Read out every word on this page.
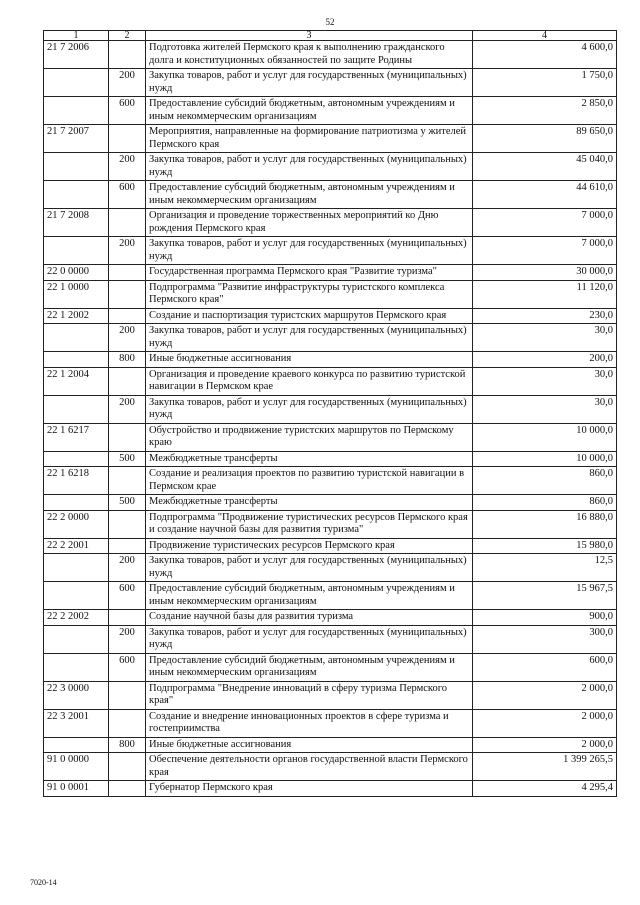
52
1	2	3	4
21 7 2006		Подготовка жителей Пермского края к выполнению гражданского долга и конституционных обязанностей по защите Родины	4 600,0
	200	Закупка товаров, работ и услуг для государственных (муниципальных) нужд	1 750,0
	600	Предоставление субсидий бюджетным, автономным учреждениям и иным некоммерческим организациям	2 850,0
21 7 2007		Мероприятия, направленные на формирование патриотизма у жителей Пермского края	89 650,0
	200	Закупка товаров, работ и услуг для государственных (муниципальных) нужд	45 040,0
	600	Предоставление субсидий бюджетным, автономным учреждениям и иным некоммерческим организациям	44 610,0
21 7 2008		Организация и проведение торжественных мероприятий ко Дню рождения Пермского края	7 000,0
	200	Закупка товаров, работ и услуг для государственных (муниципальных) нужд	7 000,0
22 0 0000		Государственная программа Пермского края "Развитие туризма"	30 000,0
22 1 0000		Подпрограмма "Развитие инфраструктуры туристского комплекса Пермского края"	11 120,0
22 1 2002		Создание и паспортизация туристских маршрутов Пермского края	230,0
	200	Закупка товаров, работ и услуг для государственных (муниципальных) нужд	30,0
	800	Иные бюджетные ассигнования	200,0
22 1 2004		Организация и проведение краевого конкурса по развитию туристской навигации в Пермском крае	30,0
	200	Закупка товаров, работ и услуг для государственных (муниципальных) нужд	30,0
22 1 6217		Обустройство и продвижение туристских маршрутов по Пермскому краю	10 000,0
	500	Межбюджетные трансферты	10 000,0
22 1 6218		Создание и реализация проектов по развитию туристской навигации в Пермском крае	860,0
	500	Межбюджетные трансферты	860,0
22 2 0000		Подпрограмма "Продвижение туристических ресурсов Пермского края и создание научной базы для развития туризма"	16 880,0
22 2 2001		Продвижение туристических ресурсов Пермского края	15 980,0
	200	Закупка товаров, работ и услуг для государственных (муниципальных) нужд	12,5
	600	Предоставление субсидий бюджетным, автономным учреждениям и иным некоммерческим организациям	15 967,5
22 2 2002		Создание научной базы для развития туризма	900,0
	200	Закупка товаров, работ и услуг для государственных (муниципальных) нужд	300,0
	600	Предоставление субсидий бюджетным, автономным учреждениям и иным некоммерческим организациям	600,0
22 3 0000		Подпрограмма "Внедрение инноваций в сферу туризма Пермского края"	2 000,0
22 3 2001		Создание и внедрение инновационных проектов в сфере туризма и гостеприимства	2 000,0
	800	Иные бюджетные ассигнования	2 000,0
91 0 0000		Обеспечение деятельности органов государственной власти Пермского края	1 399 265,5
91 0 0001		Губернатор Пермского края	4 295,4
7020-14
